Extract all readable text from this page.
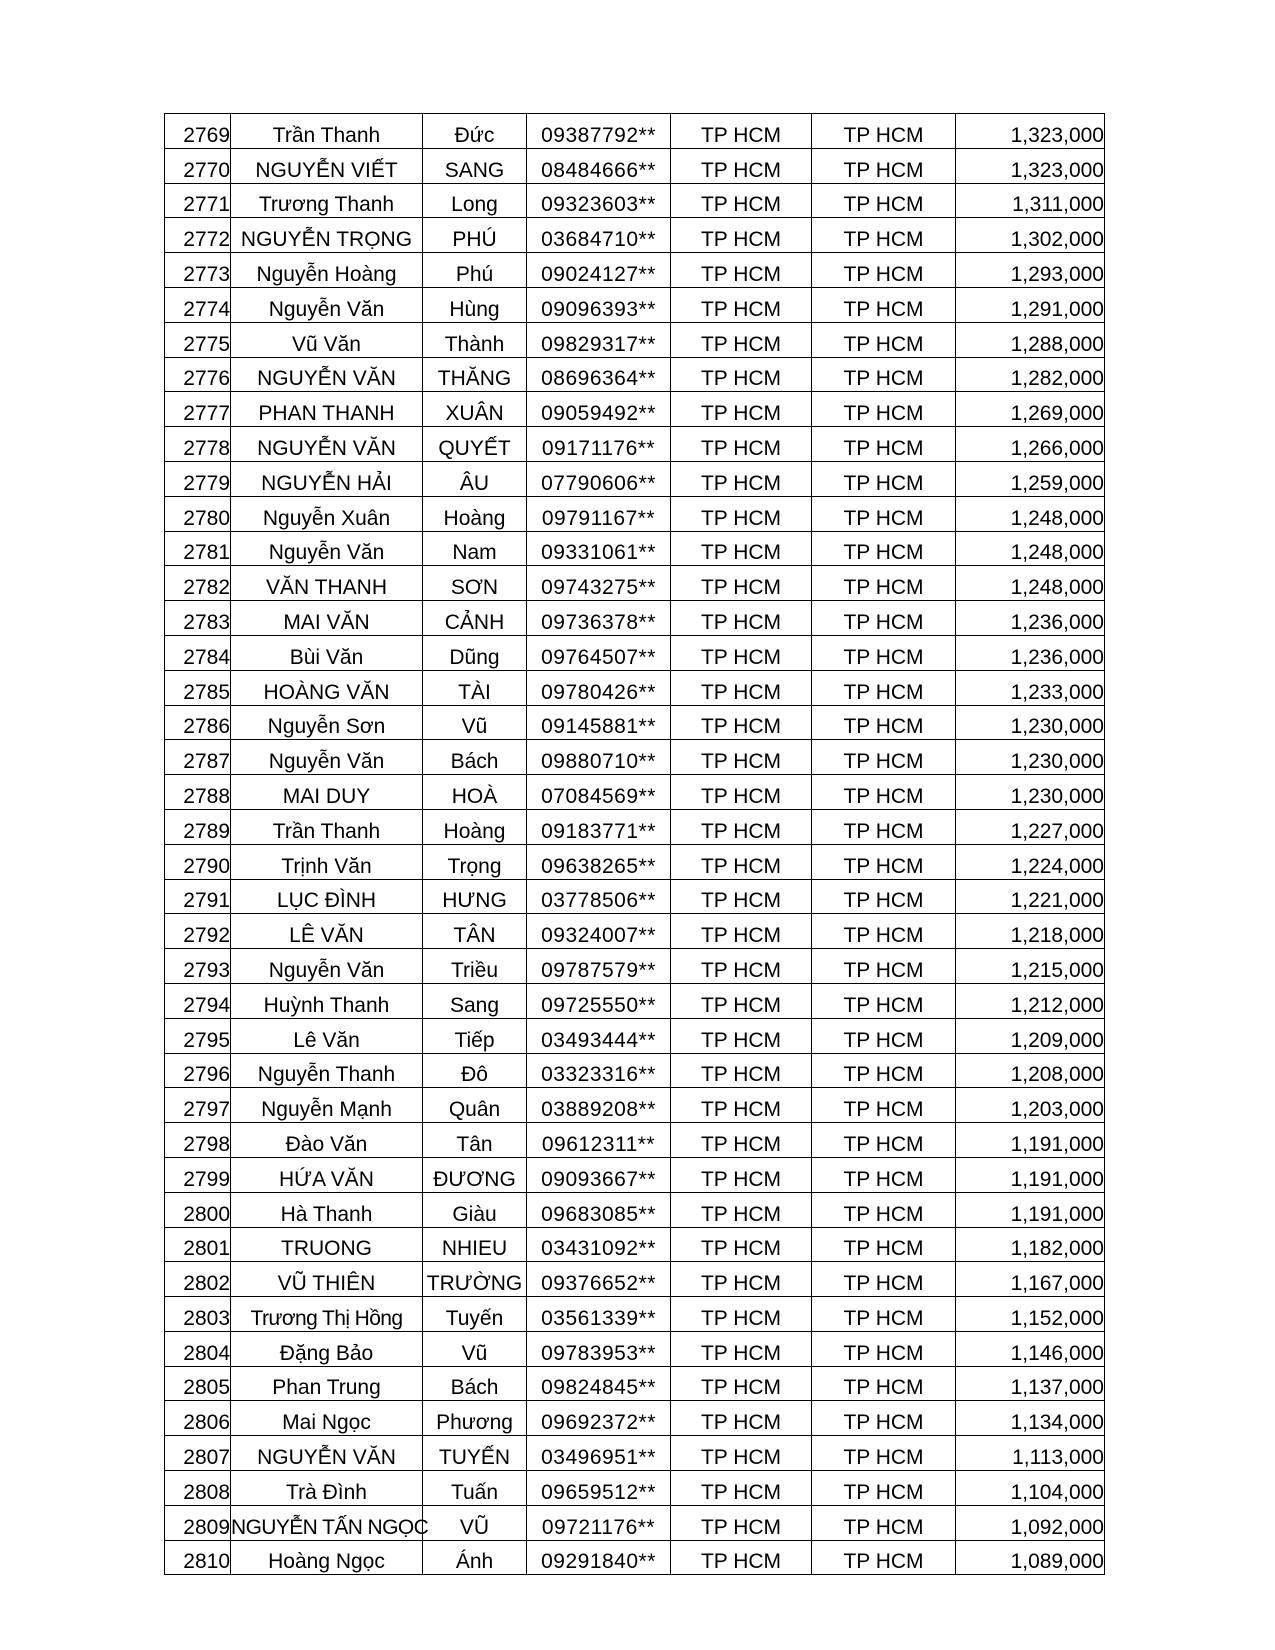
2769	Trần Thanh	Đức	09387792**	TP HCM	TP HCM	1,323,000
2770	NGUYỄN VIẾT	SANG	08484666**	TP HCM	TP HCM	1,323,000
2771	Trương Thanh	Long	09323603**	TP HCM	TP HCM	1,311,000
2772	NGUYỄN TRỌNG	PHÚ	03684710**	TP HCM	TP HCM	1,302,000
2773	Nguyễn Hoàng	Phú	09024127**	TP HCM	TP HCM	1,293,000
2774	Nguyễn Văn	Hùng	09096393**	TP HCM	TP HCM	1,291,000
2775	Vũ Văn	Thành	09829317**	TP HCM	TP HCM	1,288,000
2776	NGUYỄN VĂN	THĂNG	08696364**	TP HCM	TP HCM	1,282,000
2777	PHAN THANH	XUÂN	09059492**	TP HCM	TP HCM	1,269,000
2778	NGUYỄN VĂN	QUYẾT	09171176**	TP HCM	TP HCM	1,266,000
2779	NGUYỄN HẢI	ÂU	07790606**	TP HCM	TP HCM	1,259,000
2780	Nguyễn Xuân	Hoàng	09791167**	TP HCM	TP HCM	1,248,000
2781	Nguyễn Văn	Nam	09331061**	TP HCM	TP HCM	1,248,000
2782	VĂN THANH	SƠN	09743275**	TP HCM	TP HCM	1,248,000
2783	MAI VĂN	CẢNH	09736378**	TP HCM	TP HCM	1,236,000
2784	Bùi Văn	Dũng	09764507**	TP HCM	TP HCM	1,236,000
2785	HOÀNG VĂN	TÀI	09780426**	TP HCM	TP HCM	1,233,000
2786	Nguyễn Sơn	Vũ	09145881**	TP HCM	TP HCM	1,230,000
2787	Nguyễn Văn	Bách	09880710**	TP HCM	TP HCM	1,230,000
2788	MAI DUY	HOÀ	07084569**	TP HCM	TP HCM	1,230,000
2789	Trần Thanh	Hoàng	09183771**	TP HCM	TP HCM	1,227,000
2790	Trịnh Văn	Trọng	09638265**	TP HCM	TP HCM	1,224,000
2791	LỤC ĐÌNH	HƯNG	03778506**	TP HCM	TP HCM	1,221,000
2792	LÊ VĂN	TÂN	09324007**	TP HCM	TP HCM	1,218,000
2793	Nguyễn Văn	Triều	09787579**	TP HCM	TP HCM	1,215,000
2794	Huỳnh Thanh	Sang	09725550**	TP HCM	TP HCM	1,212,000
2795	Lê Văn	Tiếp	03493444**	TP HCM	TP HCM	1,209,000
2796	Nguyễn Thanh	Đô	03323316**	TP HCM	TP HCM	1,208,000
2797	Nguyễn Mạnh	Quân	03889208**	TP HCM	TP HCM	1,203,000
2798	Đào Văn	Tân	09612311**	TP HCM	TP HCM	1,191,000
2799	HỨA VĂN	ĐƯƠNG	09093667**	TP HCM	TP HCM	1,191,000
2800	Hà Thanh	Giàu	09683085**	TP HCM	TP HCM	1,191,000
2801	TRUONG	NHIEU	03431092**	TP HCM	TP HCM	1,182,000
2802	VŨ THIÊN	TRƯỜNG	09376652**	TP HCM	TP HCM	1,167,000
2803	Trương Thị Hồng	Tuyến	03561339**	TP HCM	TP HCM	1,152,000
2804	Đặng Bảo	Vũ	09783953**	TP HCM	TP HCM	1,146,000
2805	Phan Trung	Bách	09824845**	TP HCM	TP HCM	1,137,000
2806	Mai Ngọc	Phương	09692372**	TP HCM	TP HCM	1,134,000
2807	NGUYỄN VĂN	TUYẾN	03496951**	TP HCM	TP HCM	1,113,000
2808	Trà Đình	Tuấn	09659512**	TP HCM	TP HCM	1,104,000
2809	NGUYỄN TẤN NGỌC	VŨ	09721176**	TP HCM	TP HCM	1,092,000
2810	Hoàng Ngọc	Ánh	09291840**	TP HCM	TP HCM	1,089,000
